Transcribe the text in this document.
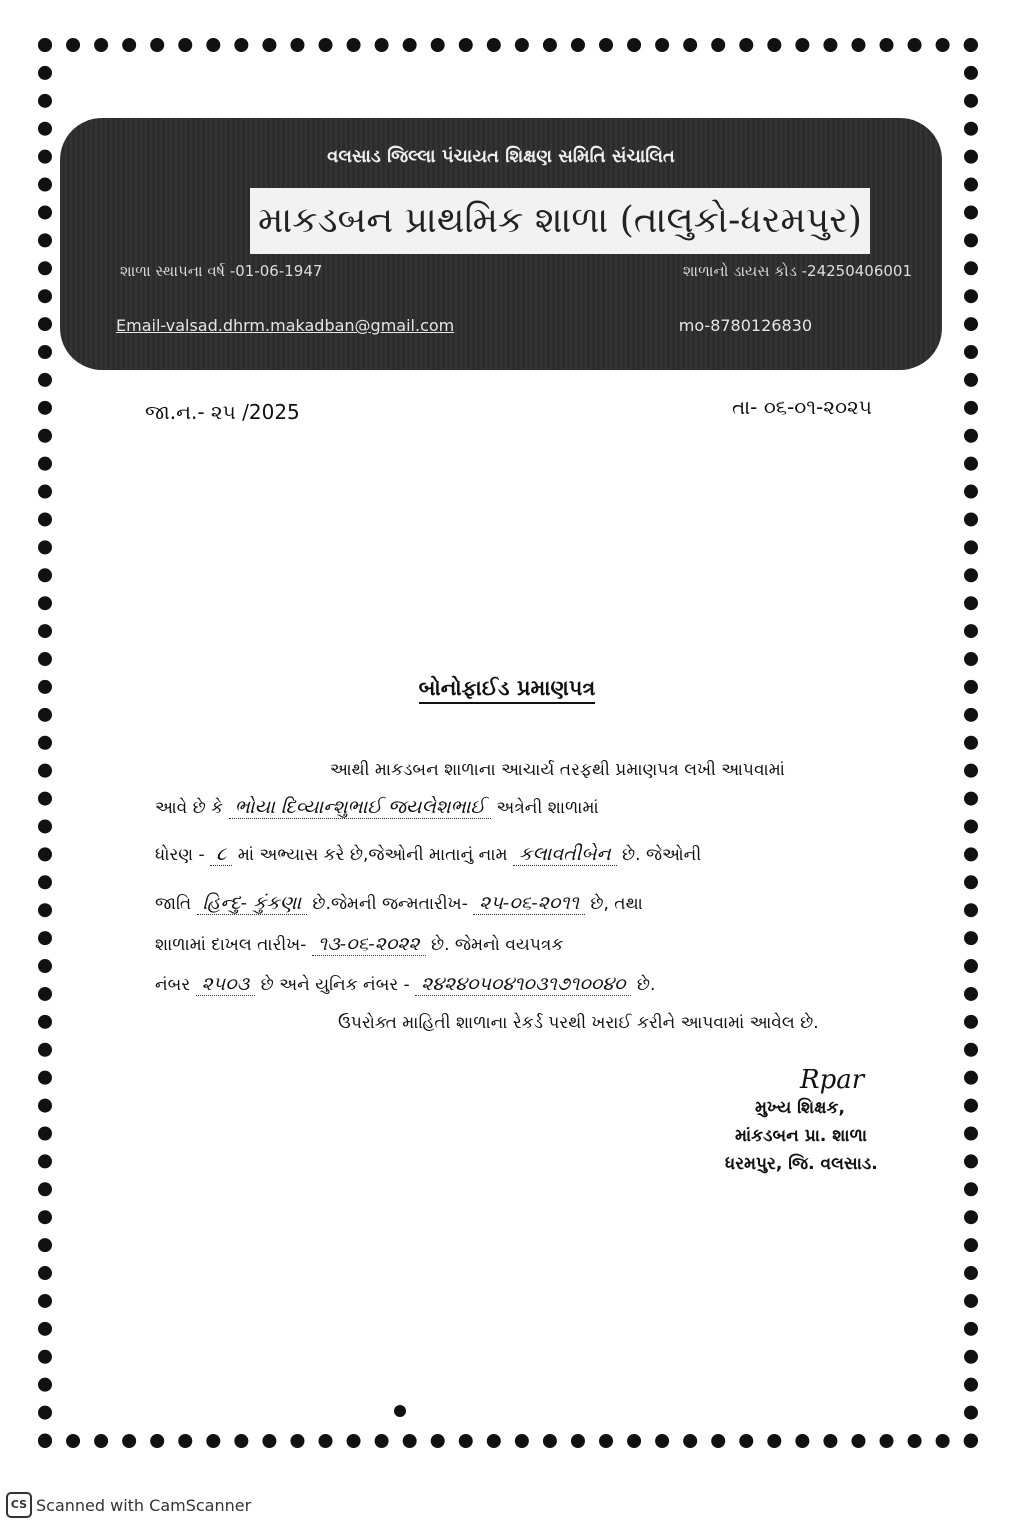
વલસાડ જિલ્લા પંચાયત શિક્ષણ સમિતિ સંચાલિત
માકડબન પ્રાથમિક શાળા (તાલુકો-ધરમપુર)
શાળા સ્થાપના વર્ષ -01-06-1947	શાળાનો ડાયસ કોડ -24250406001
Email-valsad.dhrm.makadban@gmail.com	mo-8780126830
જા.ન.- ૨૫ /2025	તા- ૦૬-૦૧-૨૦૨૫
બોનોફાઈડ પ્રમાણપત્ર
આથી માકડબન શાળાના આચાર્ય તરફથી પ્રમાણપત્ર લખી આપવામાં
આવે છે કે ભોયા દિવ્યાન્શુભાઈ જયલેશભાઈ અત્રેની શાળામાં
ધોરણ - ૮ માં અભ્યાસ કરે છે,જેઓની માતાનું નામ કલાવતીબેન છે. જેઓની
જાતિ હિન્દુ- કુંકણા છે.જેમની જન્મતારીખ- ૨૫-૦૬-૨૦૧૧ છે, તથા
શાળામાં દાખલ તારીખ- ૧૩-૦૬-૨૦૨૨ છે. જેમનો વયપત્રક
નંબર ૨૫૦૩ છે અને યુનિક નંબર - ૨૪૨૪૦૫૦૪૧૦૩૧૭૧૦૦૪૦ છે.
ઉપરોક્ત માહિતી શાળાના રેકર્ડ પરથી ખરાઈ કરીને આપવામાં આવેલ છે.
Rpar
મુખ્ય શિક્ષક,
માંકડબન પ્રા. શાળા
ધરમપુર, જિ. વલસાડ.
CS Scanned with CamScanner
